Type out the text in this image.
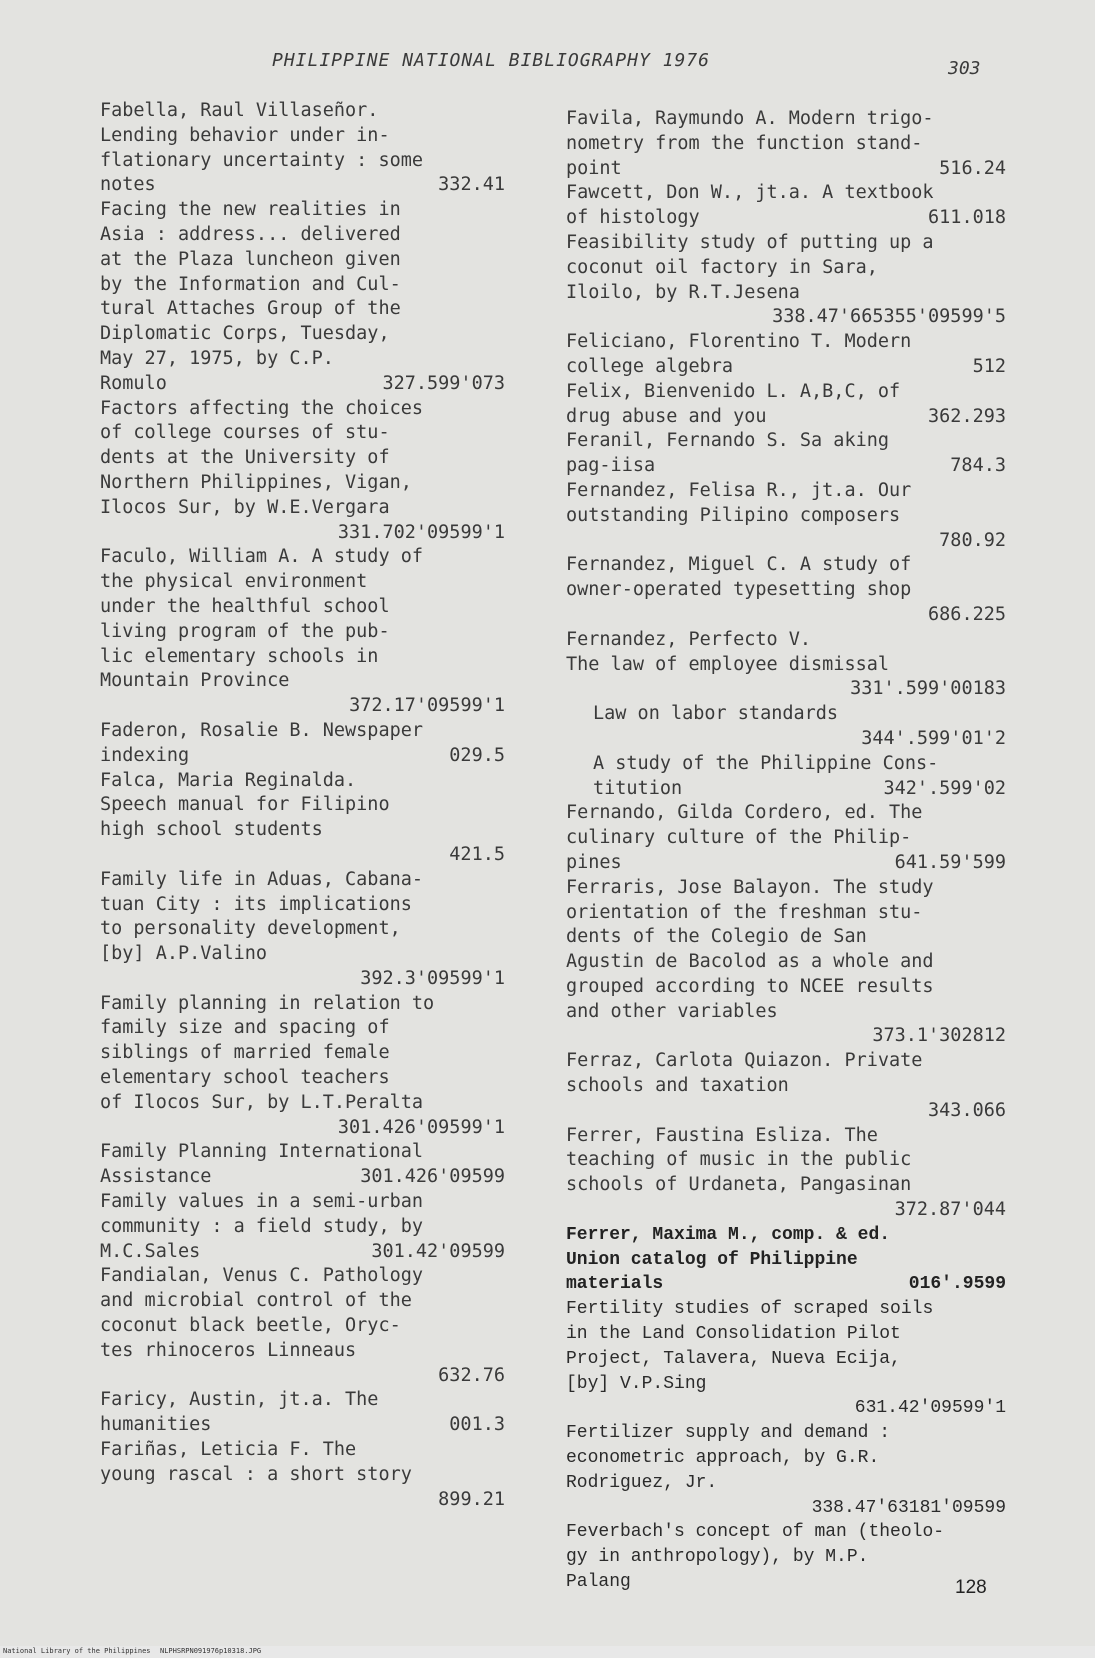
PHILIPPINE NATIONAL BIBLIOGRAPHY 1976	303
Fabella, Raul Villaseñor.
Lending behavior under in-
flationary uncertainty : some
notes	332.41
Facing the new realities in
Asia : address... delivered
at the Plaza luncheon given
by the Information and Cul-
tural Attaches Group of the
Diplomatic Corps, Tuesday,
May 27, 1975, by C.P.
Romulo	327.599'073
Factors affecting the choices
of college courses of stu-
dents at the University of
Northern Philippines, Vigan,
Ilocos Sur, by W.E.Vergara
331.702'09599'1
Faculo, William A. A study of
the physical environment
under the healthful school
living program of the pub-
lic elementary schools in
Mountain Province
372.17'09599'1
Faderon, Rosalie B. Newspaper
indexing	029.5
Falca, Maria Reginalda.
Speech manual for Filipino
high school students
421.5
Family life in Aduas, Cabana-
tuan City : its implications
to personality development,
[by] A.P.Valino
392.3'09599'1
Family planning in relation to
family size and spacing of
siblings of married female
elementary school teachers
of Ilocos Sur, by L.T.Peralta
301.426'09599'1
Family Planning International
Assistance	301.426'09599
Family values in a semi-urban
community : a field study, by
M.C.Sales	301.42'09599
Fandialan, Venus C. Pathology
and microbial control of the
coconut black beetle, Oryc-
tes rhinoceros Linneaus
632.76
Faricy, Austin, jt.a. The
humanities	001.3
Fariñas, Leticia F. The
young rascal : a short story
899.21
Favila, Raymundo A. Modern trigo-
nometry from the function stand-
point	516.24
Fawcett, Don W., jt.a. A textbook
of histology	611.018
Feasibility study of putting up a
coconut oil factory in Sara,
Iloilo, by R.T.Jesena
338.47'665355'09599'5
Feliciano, Florentino T. Modern
college algebra	512
Felix, Bienvenido L. A,B,C, of
drug abuse and you	362.293
Feranil, Fernando S. Sa aking
pag-iisa	784.3
Fernandez, Felisa R., jt.a. Our
outstanding Pilipino composers
780.92
Fernandez, Miguel C. A study of
owner-operated typesetting shop
686.225
Fernandez, Perfecto V.
The law of employee dismissal
331'.599'00183
Law on labor standards
344'.599'01'2
A study of the Philippine Cons-
titution	342'.599'02
Fernando, Gilda Cordero, ed. The
culinary culture of the Philip-
pines	641.59'599
Ferraris, Jose Balayon. The study
orientation of the freshman stu-
dents of the Colegio de San
Agustin de Bacolod as a whole and
grouped according to NCEE results
and other variables
373.1'302812
Ferraz, Carlota Quiazon. Private
schools and taxation
343.066
Ferrer, Faustina Esliza. The
teaching of music in the public
schools of Urdaneta, Pangasinan
372.87'044
Ferrer, Maxima M., comp. & ed.
Union catalog of Philippine
materials	016'.9599
Fertility studies of scraped soils
in the Land Consolidation Pilot
Project, Talavera, Nueva Ecija,
[by] V.P.Sing
631.42'09599'1
Fertilizer supply and demand :
econometric approach, by G.R.
Rodriguez, Jr.
338.47'63181'09599
Feverbach's concept of man (theolo-
gy in anthropology), by M.P.
Palang	128
National Library of the Philippines NLPHSRPN091976p10318.JPG
